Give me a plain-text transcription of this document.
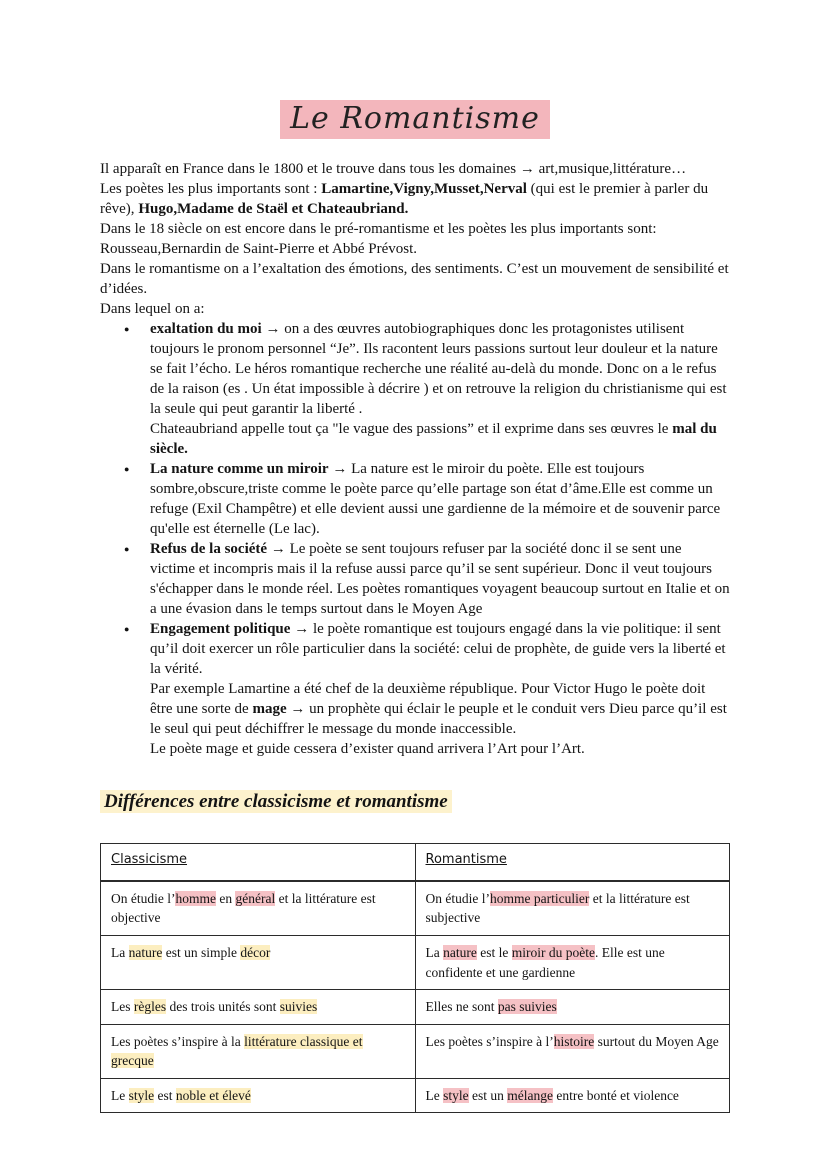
Le Romantisme

Il apparaît en France dans le 1800 et le trouve dans tous les domaines → art,musique,littérature…

Les poètes les plus importants sont : Lamartine,Vigny,Musset,Nerval (qui est le premier à parler du rêve), Hugo,Madame de Staël et Chateaubriand.

Dans le 18 siècle on est encore dans le pré-romantisme et les poètes les plus importants sont: Rousseau,Bernardin de Saint-Pierre et Abbé Prévost.

Dans le romantisme on a l’exaltation des émotions, des sentiments. C’est un mouvement de sensibilité et d’idées.

Dans lequel on a:

● exaltation du moi → on a des œuvres autobiographiques donc les protagonistes utilisent toujours le pronom personnel “Je”. Ils racontent leurs passions surtout leur douleur et la nature se fait l’écho. Le héros romantique recherche une réalité au-delà du monde. Donc on a le refus de la raison (es . Un état impossible à décrire ) et on retrouve la religion du christianisme qui est la seule qui peut garantir la liberté .

Chateaubriand appelle tout ça "le vague des passions” et il exprime dans ses œuvres le mal du siècle.

● La nature comme un miroir → La nature est le miroir du poète. Elle est toujours sombre,obscure,triste comme le poète parce qu’elle partage son état d’âme.Elle est comme un refuge (Exil Champêtre) et elle devient aussi une gardienne de la mémoire et de souvenir parce qu'elle est éternelle (Le lac).

● Refus de la société → Le poète se sent toujours refuser par la société donc il se sent une victime et incompris mais il la refuse aussi parce qu’il se sent supérieur. Donc il veut toujours s'échapper dans le monde réel. Les poètes romantiques voyagent beaucoup surtout en Italie et on a une évasion dans le temps surtout dans le Moyen Age

● Engagement politique → le poète romantique est toujours engagé dans la vie politique: il sent qu’il doit exercer un rôle particulier dans la société: celui de prophète, de guide vers la liberté et la vérité.

Par exemple Lamartine a été chef de la deuxième république. Pour Victor Hugo le poète doit être une sorte de mage → un prophète qui éclair le peuple et le conduit vers Dieu parce qu’il est le seul qui peut déchiffrer le message du monde inaccessible.

Le poète mage et guide cessera d’exister quand arrivera l’Art pour l’Art.

Différences entre classicisme et romantisme
Classicisme	Romantisme
On étudie l’homme en général et la littérature est objective	On étudie l’homme particulier et la littérature est subjective
La nature est un simple décor	La nature est le miroir du poète. Elle est une confidente et une gardienne
Les règles des trois unités sont suivies	Elles ne sont pas suivies
Les poètes s’inspire à la littérature classique et grecque	Les poètes s’inspire à l’histoire surtout du Moyen Age
Le style est noble et élevé	Le style est un mélange entre bonté et violence
